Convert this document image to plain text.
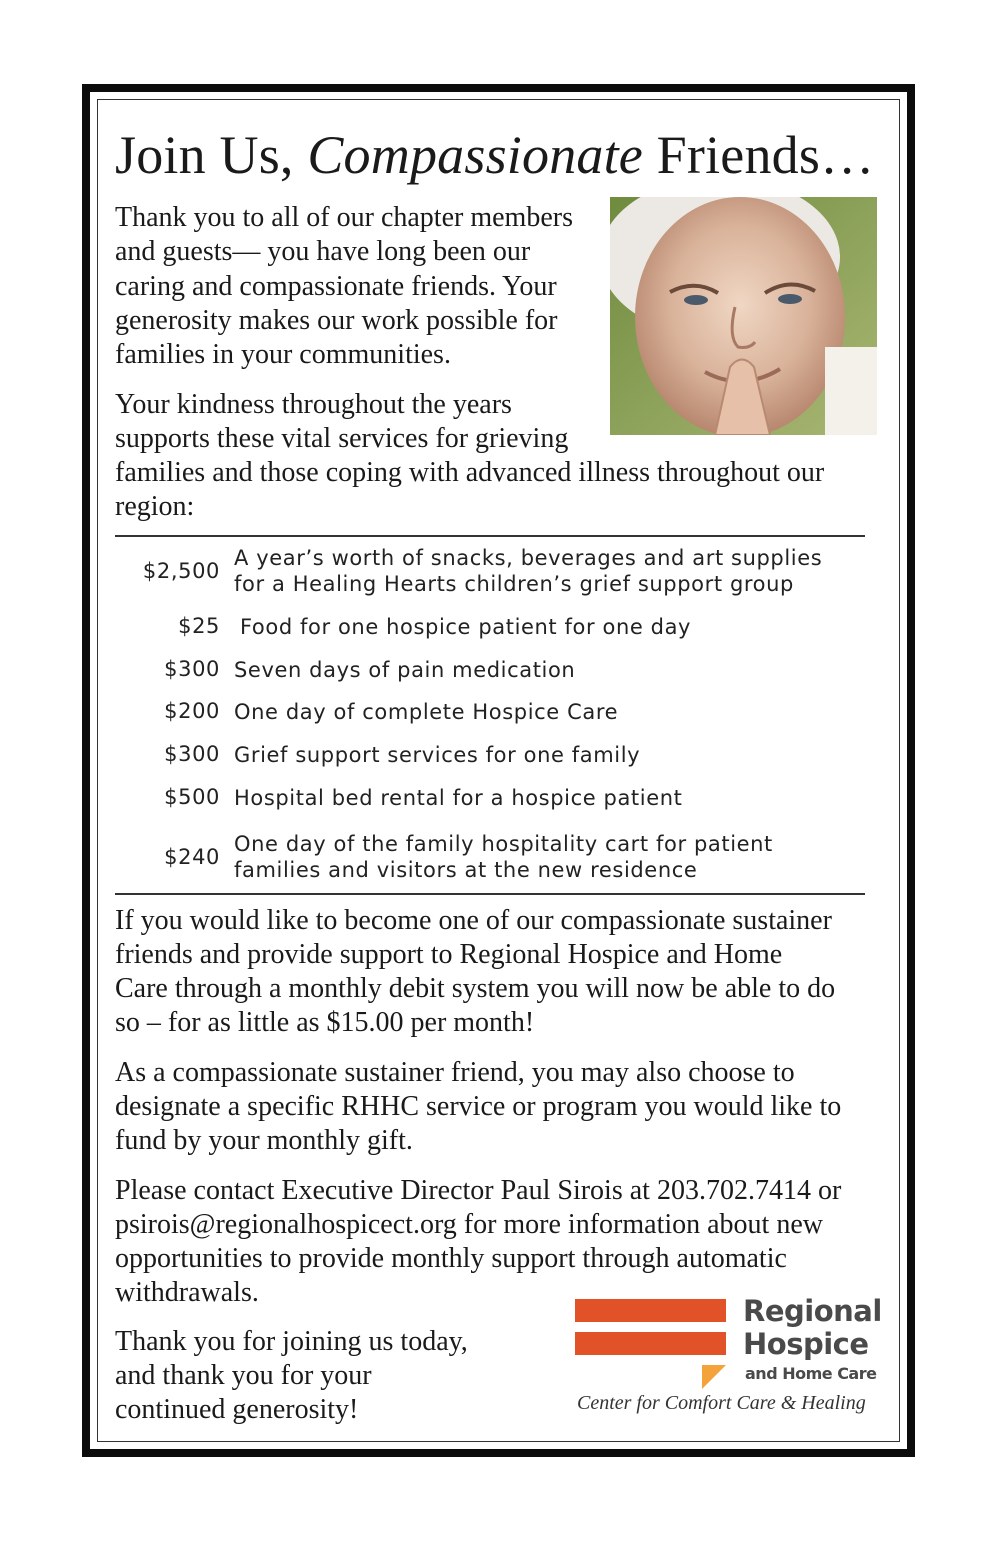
Join Us, Compassionate Friends…

Thank you to all of our chapter members

and guests— you have long been our

caring and compassionate friends. Your

generosity makes our work possible for

families in your communities.

Your kindness throughout the years

supports these vital services for grieving

families and those coping with advanced illness throughout our

region:

$2,500
A year’s worth of snacks, beverages and art supplies
for a Healing Hearts children’s grief support group
$25 Food for one hospice patient for one day
$300 Seven days of pain medication
$200 One day of complete Hospice Care
$300 Grief support services for one family
$500 Hospital bed rental for a hospice patient
$240
One day of the family hospitality cart for patient
families and visitors at the new residence

If you would like to become one of our compassionate sustainer

friends and provide support to Regional Hospice and Home

Care through a monthly debit system you will now be able to do

so – for as little as $15.00 per month!

As a compassionate sustainer friend, you may also choose to

designate a specific RHHC service or program you would like to

fund by your monthly gift.

Please contact Executive Director Paul Sirois at 203.702.7414 or

psirois@regionalhospicect.org for more information about new

opportunities to provide monthly support through automatic

withdrawals.

Thank you for joining us today,

and thank you for your

continued generosity!

Regional
Hospice
and Home Care
Center for Comfort Care & Healing
